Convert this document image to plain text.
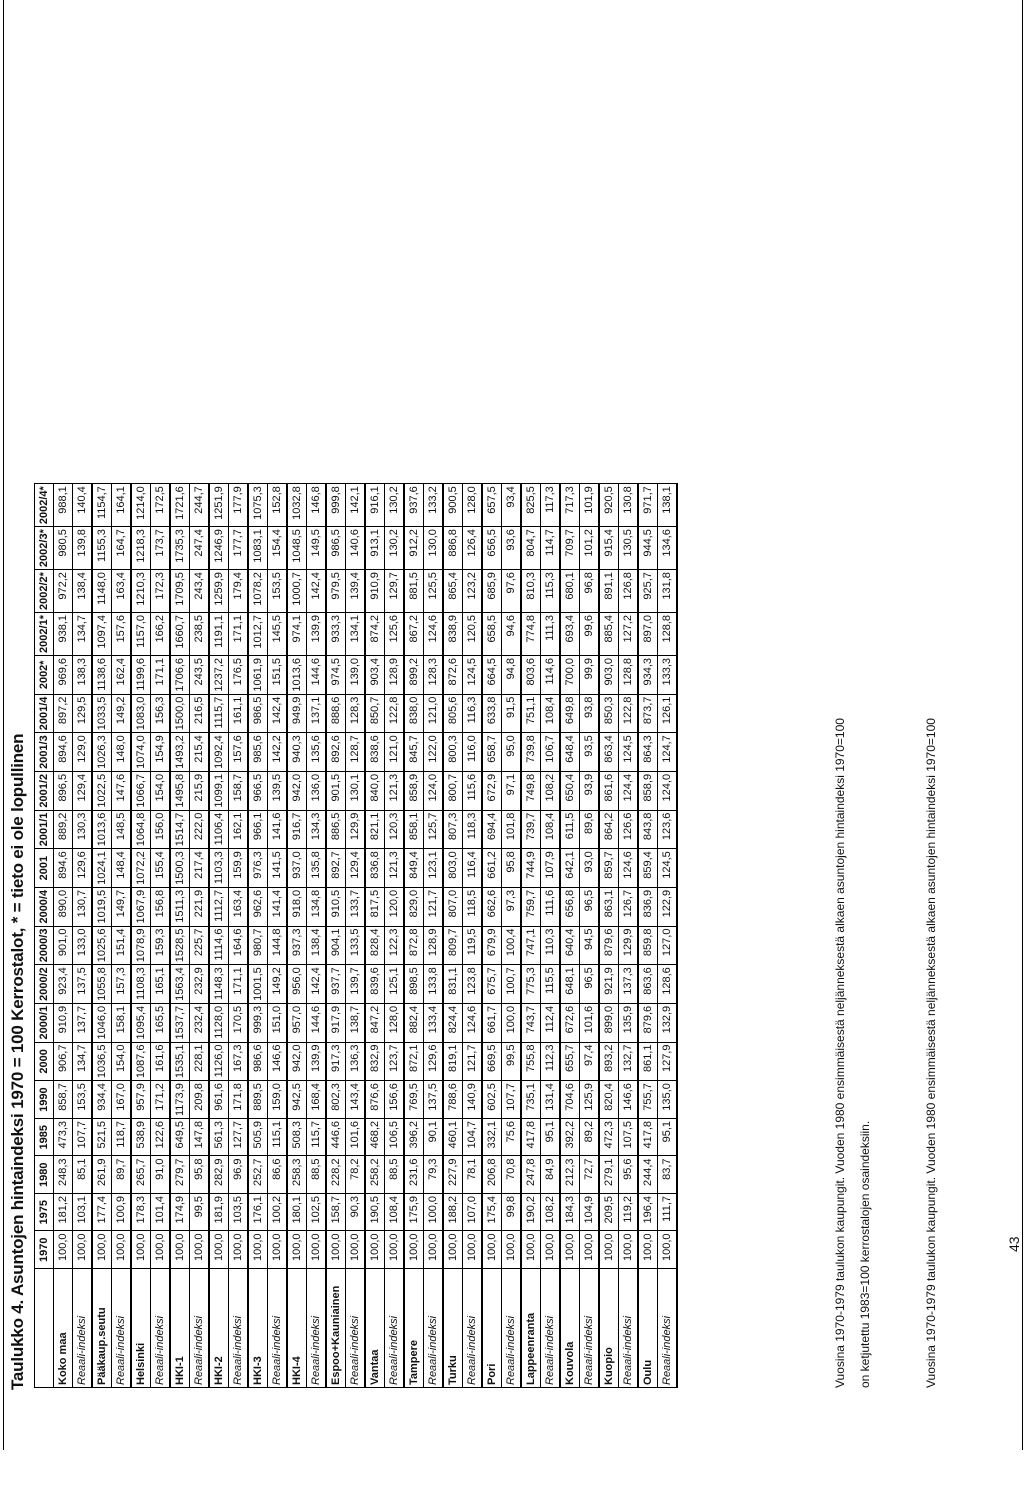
Taulukko 4. Asuntojen hintaindeksi 1970 = 100 Kerrostalot, * = tieto ei ole lopullinen
	1970	1975	1980	1985	1990	2000	2000/1	2000/2	2000/3	2000/4	2001	2001/1	2001/2	2001/3	2001/4	2002*	2002/1*	2002/2*	2002/3*	2002/4*
Koko maa	100,0	181,2	248,3	473,3	858,7	906,7	910,9	923,4	901,0	890,0	894,6	889,2	896,5	894,6	897,2	969,6	938,1	972,2	980,5	988,1
Reaali-indeksi	100,0	103,1	85,1	107,7	153,5	134,7	137,7	137,5	133,0	130,7	129,6	130,3	129,4	129,0	129,5	138,3	134,7	138,4	139,8	140,4
Pääkaup.seutu	100,0	177,4	261,9	521,5	934,4	1036,5	1046,0	1055,8	1025,6	1019,5	1024,1	1013,6	1022,5	1026,3	1033,5	1138,6	1097,4	1148,0	1155,3	1154,7
Reaali-indeksi	100,0	100,9	89,7	118,7	167,0	154,0	158,1	157,3	151,4	149,7	148,4	148,5	147,6	148,0	149,2	162,4	157,6	163,4	164,7	164,1
Helsinki	100,0	178,3	265,7	538,9	957,9	1087,6	1095,4	1108,3	1078,9	1067,9	1072,2	1064,8	1066,7	1074,0	1083,0	1199,6	1157,0	1210,3	1218,3	1214,0
Reaali-indeksi	100,0	101,4	91,0	122,6	171,2	161,6	165,5	165,1	159,3	156,8	155,4	156,0	154,0	154,9	156,3	171,1	166,2	172,3	173,7	172,5
HKI-1	100,0	174,9	279,7	649,5	1173,9	1535,1	1537,7	1563,4	1528,5	1511,3	1500,3	1514,7	1495,8	1493,2	1500,0	1706,6	1660,7	1709,5	1735,3	1721,6
Reaali-indeksi	100,0	99,5	95,8	147,8	209,8	228,1	232,4	232,9	225,7	221,9	217,4	222,0	215,9	215,4	216,5	243,5	238,5	243,4	247,4	244,7
HKI-2	100,0	181,9	282,9	561,3	961,6	1126,0	1128,0	1148,3	1114,6	1112,7	1103,3	1106,4	1099,1	1092,4	1115,7	1237,2	1191,1	1259,9	1246,9	1251,9
Reaali-indeksi	100,0	103,5	96,9	127,7	171,8	167,3	170,5	171,1	164,6	163,4	159,9	162,1	158,7	157,6	161,1	176,5	171,1	179,4	177,7	177,9
HKI-3	100,0	176,1	252,7	505,9	889,5	986,6	999,3	1001,5	980,7	962,6	976,3	966,1	966,5	985,6	986,5	1061,9	1012,7	1078,2	1083,1	1075,3
Reaali-indeksi	100,0	100,2	86,6	115,1	159,0	146,6	151,0	149,2	144,8	141,4	141,5	141,6	139,5	142,2	142,4	151,5	145,5	153,5	154,4	152,8
HKI-4	100,0	180,1	258,3	508,3	942,5	942,0	957,0	956,0	937,3	918,0	937,0	916,7	942,0	940,3	949,9	1013,6	974,1	1000,7	1048,5	1032,8
Reaali-indeksi	100,0	102,5	88,5	115,7	168,4	139,9	144,6	142,4	138,4	134,8	135,8	134,3	136,0	135,6	137,1	144,6	139,9	142,4	149,5	146,8
Espoo+Kauniainen	100,0	158,7	228,2	446,6	802,3	917,3	917,9	937,7	904,1	910,5	892,7	886,5	901,5	892,6	888,6	974,5	933,3	979,5	986,5	999,8
Reaali-indeksi	100,0	90,3	78,2	101,6	143,4	136,3	138,7	139,7	133,5	133,7	129,4	129,9	130,1	128,7	128,3	139,0	134,1	139,4	140,6	142,1
Vantaa	100,0	190,5	258,2	468,2	876,6	832,9	847,2	839,6	828,4	817,5	836,8	821,1	840,0	838,6	850,7	903,4	874,2	910,9	913,1	916,1
Reaali-indeksi	100,0	108,4	88,5	106,5	156,6	123,7	128,0	125,1	122,3	120,0	121,3	120,3	121,3	121,0	122,8	128,9	125,6	129,7	130,2	130,2
Tampere	100,0	175,9	231,6	396,2	769,5	872,1	882,4	898,5	872,8	829,0	849,4	858,1	858,9	845,7	838,0	899,2	867,2	881,5	912,2	937,6
Reaali-indeksi	100,0	100,0	79,3	90,1	137,5	129,6	133,4	133,8	128,9	121,7	123,1	125,7	124,0	122,0	121,0	128,3	124,6	125,5	130,0	133,2
Turku	100,0	188,2	227,9	460,1	788,6	819,1	824,4	831,1	809,7	807,0	803,0	807,3	800,7	800,3	805,6	872,6	838,9	865,4	886,8	900,5
Reaali-indeksi	100,0	107,0	78,1	104,7	140,9	121,7	124,6	123,8	119,5	118,5	116,4	118,3	115,6	116,0	116,3	124,5	120,5	123,2	126,4	128,0
Pori	100,0	175,4	206,8	332,1	602,5	669,5	661,7	675,7	679,9	662,6	661,2	694,4	672,9	658,7	633,8	664,5	658,5	685,9	656,5	657,5
Reaali-indeksi	100,0	99,8	70,8	75,6	107,7	99,5	100,0	100,7	100,4	97,3	95,8	101,8	97,1	95,0	91,5	94,8	94,6	97,6	93,6	93,4
Lappeenranta	100,0	190,2	247,8	417,8	735,1	755,8	743,7	775,3	747,1	759,7	744,9	739,7	749,8	739,8	751,1	803,6	774,8	810,3	804,7	825,5
Reaali-indeksi	100,0	108,2	84,9	95,1	131,4	112,3	112,4	115,5	110,3	111,6	107,9	108,4	108,2	106,7	108,4	114,6	111,3	115,3	114,7	117,3
Kouvola	100,0	184,3	212,3	392,2	704,6	655,7	672,6	648,1	640,4	656,8	642,1	611,5	650,4	648,4	649,8	700,0	693,4	680,1	709,7	717,3
Reaali-indeksi	100,0	104,9	72,7	89,2	125,9	97,4	101,6	96,5	94,5	96,5	93,0	89,6	93,9	93,5	93,8	99,9	99,6	96,8	101,2	101,9
Kuopio	100,0	209,5	279,1	472,3	820,4	893,2	899,0	921,9	879,6	863,1	859,7	864,2	861,6	863,4	850,3	903,0	885,4	891,1	915,4	920,5
Reaali-indeksi	100,0	119,2	95,6	107,5	146,6	132,7	135,9	137,3	129,9	126,7	124,6	126,6	124,4	124,5	122,8	128,8	127,2	126,8	130,5	130,8
Oulu	100,0	196,4	244,4	417,8	755,7	861,1	879,6	863,6	859,8	836,9	859,4	843,8	858,9	864,3	873,7	934,3	897,0	925,7	944,5	971,7
Reaali-indeksi	100,0	111,7	83,7	95,1	135,0	127,9	132,9	128,6	127,0	122,9	124,5	123,6	124,0	124,7	126,1	133,3	128,8	131,8	134,6	138,1
Vuosina 1970-1979 taulukon kaupungit. Vuoden 1980 ensimmäisestä neljänneksestä alkaen asuntojen hintaindeksi 1970=100 on ketjutettu 1983=100 kerrostalojen osaindeksiin.	Vuosina 1970-1979 taulukon kaupungit. Vuoden 1980 ensimmäisestä neljänneksestä alkaen asuntojen hintaindeksi 1970=100	43
